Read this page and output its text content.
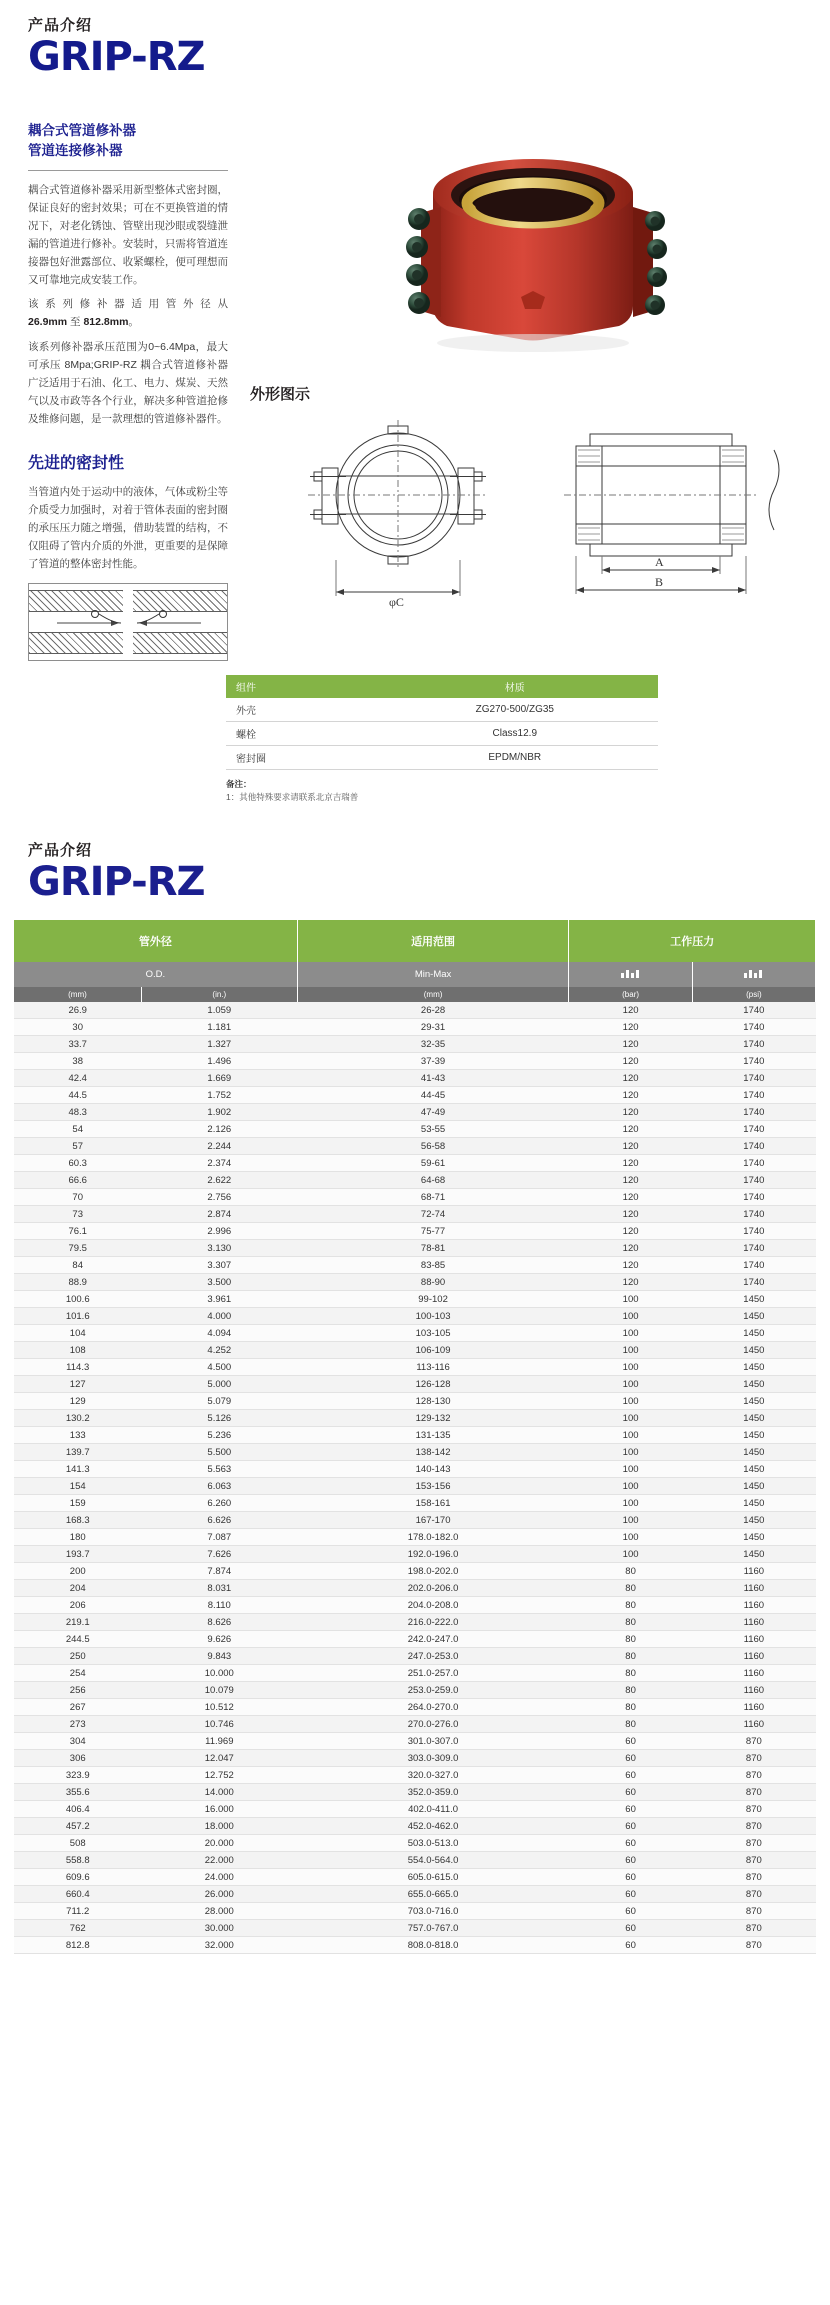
产品介绍
GRIP-RZ
耦合式管道修补器
管道连接修补器
耦合式管道修补器采用新型整体式密封圈，保证良好的密封效果；可在不更换管道的情况下，对老化锈蚀、管壁出现沙眼或裂缝泄漏的管道进行修补。安装时，只需将管道连接器包好泄露部位、收紧螺栓，便可理想而又可靠地完成安装工作。
该 系 列 修 补 器 适 用 管 外 径 从 26.9mm 至 812.8mm。
该系列修补器承压范围为0~6.4Mpa，最大可承压 8Mpa;GRIP-RZ 耦合式管道修补器广泛适用于石油、化工、电力、煤炭、天然气以及市政等各个行业，解决多种管道抢修及维修问题，是一款理想的管道修补器件。
先进的密封性
当管道内处于运动中的液体，气体或粉尘等介质受力加强时，对着于管体表面的密封圈的承压压力随之增强，借助装置的结构，不仅阻碍了管内介质的外泄，更重要的是保障了管道的整体密封性能。
外形图示
φC
A
B
组件	材质
外壳	ZG270-500/ZG35
螺栓	Class12.9
密封圈	EPDM/NBR
备注：
1：其他特殊要求请联系北京吉瑞普
产品介绍
GRIP-RZ
管外径		适用范围	工作压力	
O.D.		Min-Max		
(mm)	(in.)	(mm)	(bar)	(psi)
26.9	1.059	26-28	120	1740
30	1.181	29-31	120	1740
33.7	1.327	32-35	120	1740
38	1.496	37-39	120	1740
42.4	1.669	41-43	120	1740
44.5	1.752	44-45	120	1740
48.3	1.902	47-49	120	1740
54	2.126	53-55	120	1740
57	2.244	56-58	120	1740
60.3	2.374	59-61	120	1740
66.6	2.622	64-68	120	1740
70	2.756	68-71	120	1740
73	2.874	72-74	120	1740
76.1	2.996	75-77	120	1740
79.5	3.130	78-81	120	1740
84	3.307	83-85	120	1740
88.9	3.500	88-90	120	1740
100.6	3.961	99-102	100	1450
101.6	4.000	100-103	100	1450
104	4.094	103-105	100	1450
108	4.252	106-109	100	1450
114.3	4.500	113-116	100	1450
127	5.000	126-128	100	1450
129	5.079	128-130	100	1450
130.2	5.126	129-132	100	1450
133	5.236	131-135	100	1450
139.7	5.500	138-142	100	1450
141.3	5.563	140-143	100	1450
154	6.063	153-156	100	1450
159	6.260	158-161	100	1450
168.3	6.626	167-170	100	1450
180	7.087	178.0-182.0	100	1450
193.7	7.626	192.0-196.0	100	1450
200	7.874	198.0-202.0	80	1160
204	8.031	202.0-206.0	80	1160
206	8.110	204.0-208.0	80	1160
219.1	8.626	216.0-222.0	80	1160
244.5	9.626	242.0-247.0	80	1160
250	9.843	247.0-253.0	80	1160
254	10.000	251.0-257.0	80	1160
256	10.079	253.0-259.0	80	1160
267	10.512	264.0-270.0	80	1160
273	10.746	270.0-276.0	80	1160
304	11.969	301.0-307.0	60	870
306	12.047	303.0-309.0	60	870
323.9	12.752	320.0-327.0	60	870
355.6	14.000	352.0-359.0	60	870
406.4	16.000	402.0-411.0	60	870
457.2	18.000	452.0-462.0	60	870
508	20.000	503.0-513.0	60	870
558.8	22.000	554.0-564.0	60	870
609.6	24.000	605.0-615.0	60	870
660.4	26.000	655.0-665.0	60	870
711.2	28.000	703.0-716.0	60	870
762	30.000	757.0-767.0	60	870
812.8	32.000	808.0-818.0	60	870
